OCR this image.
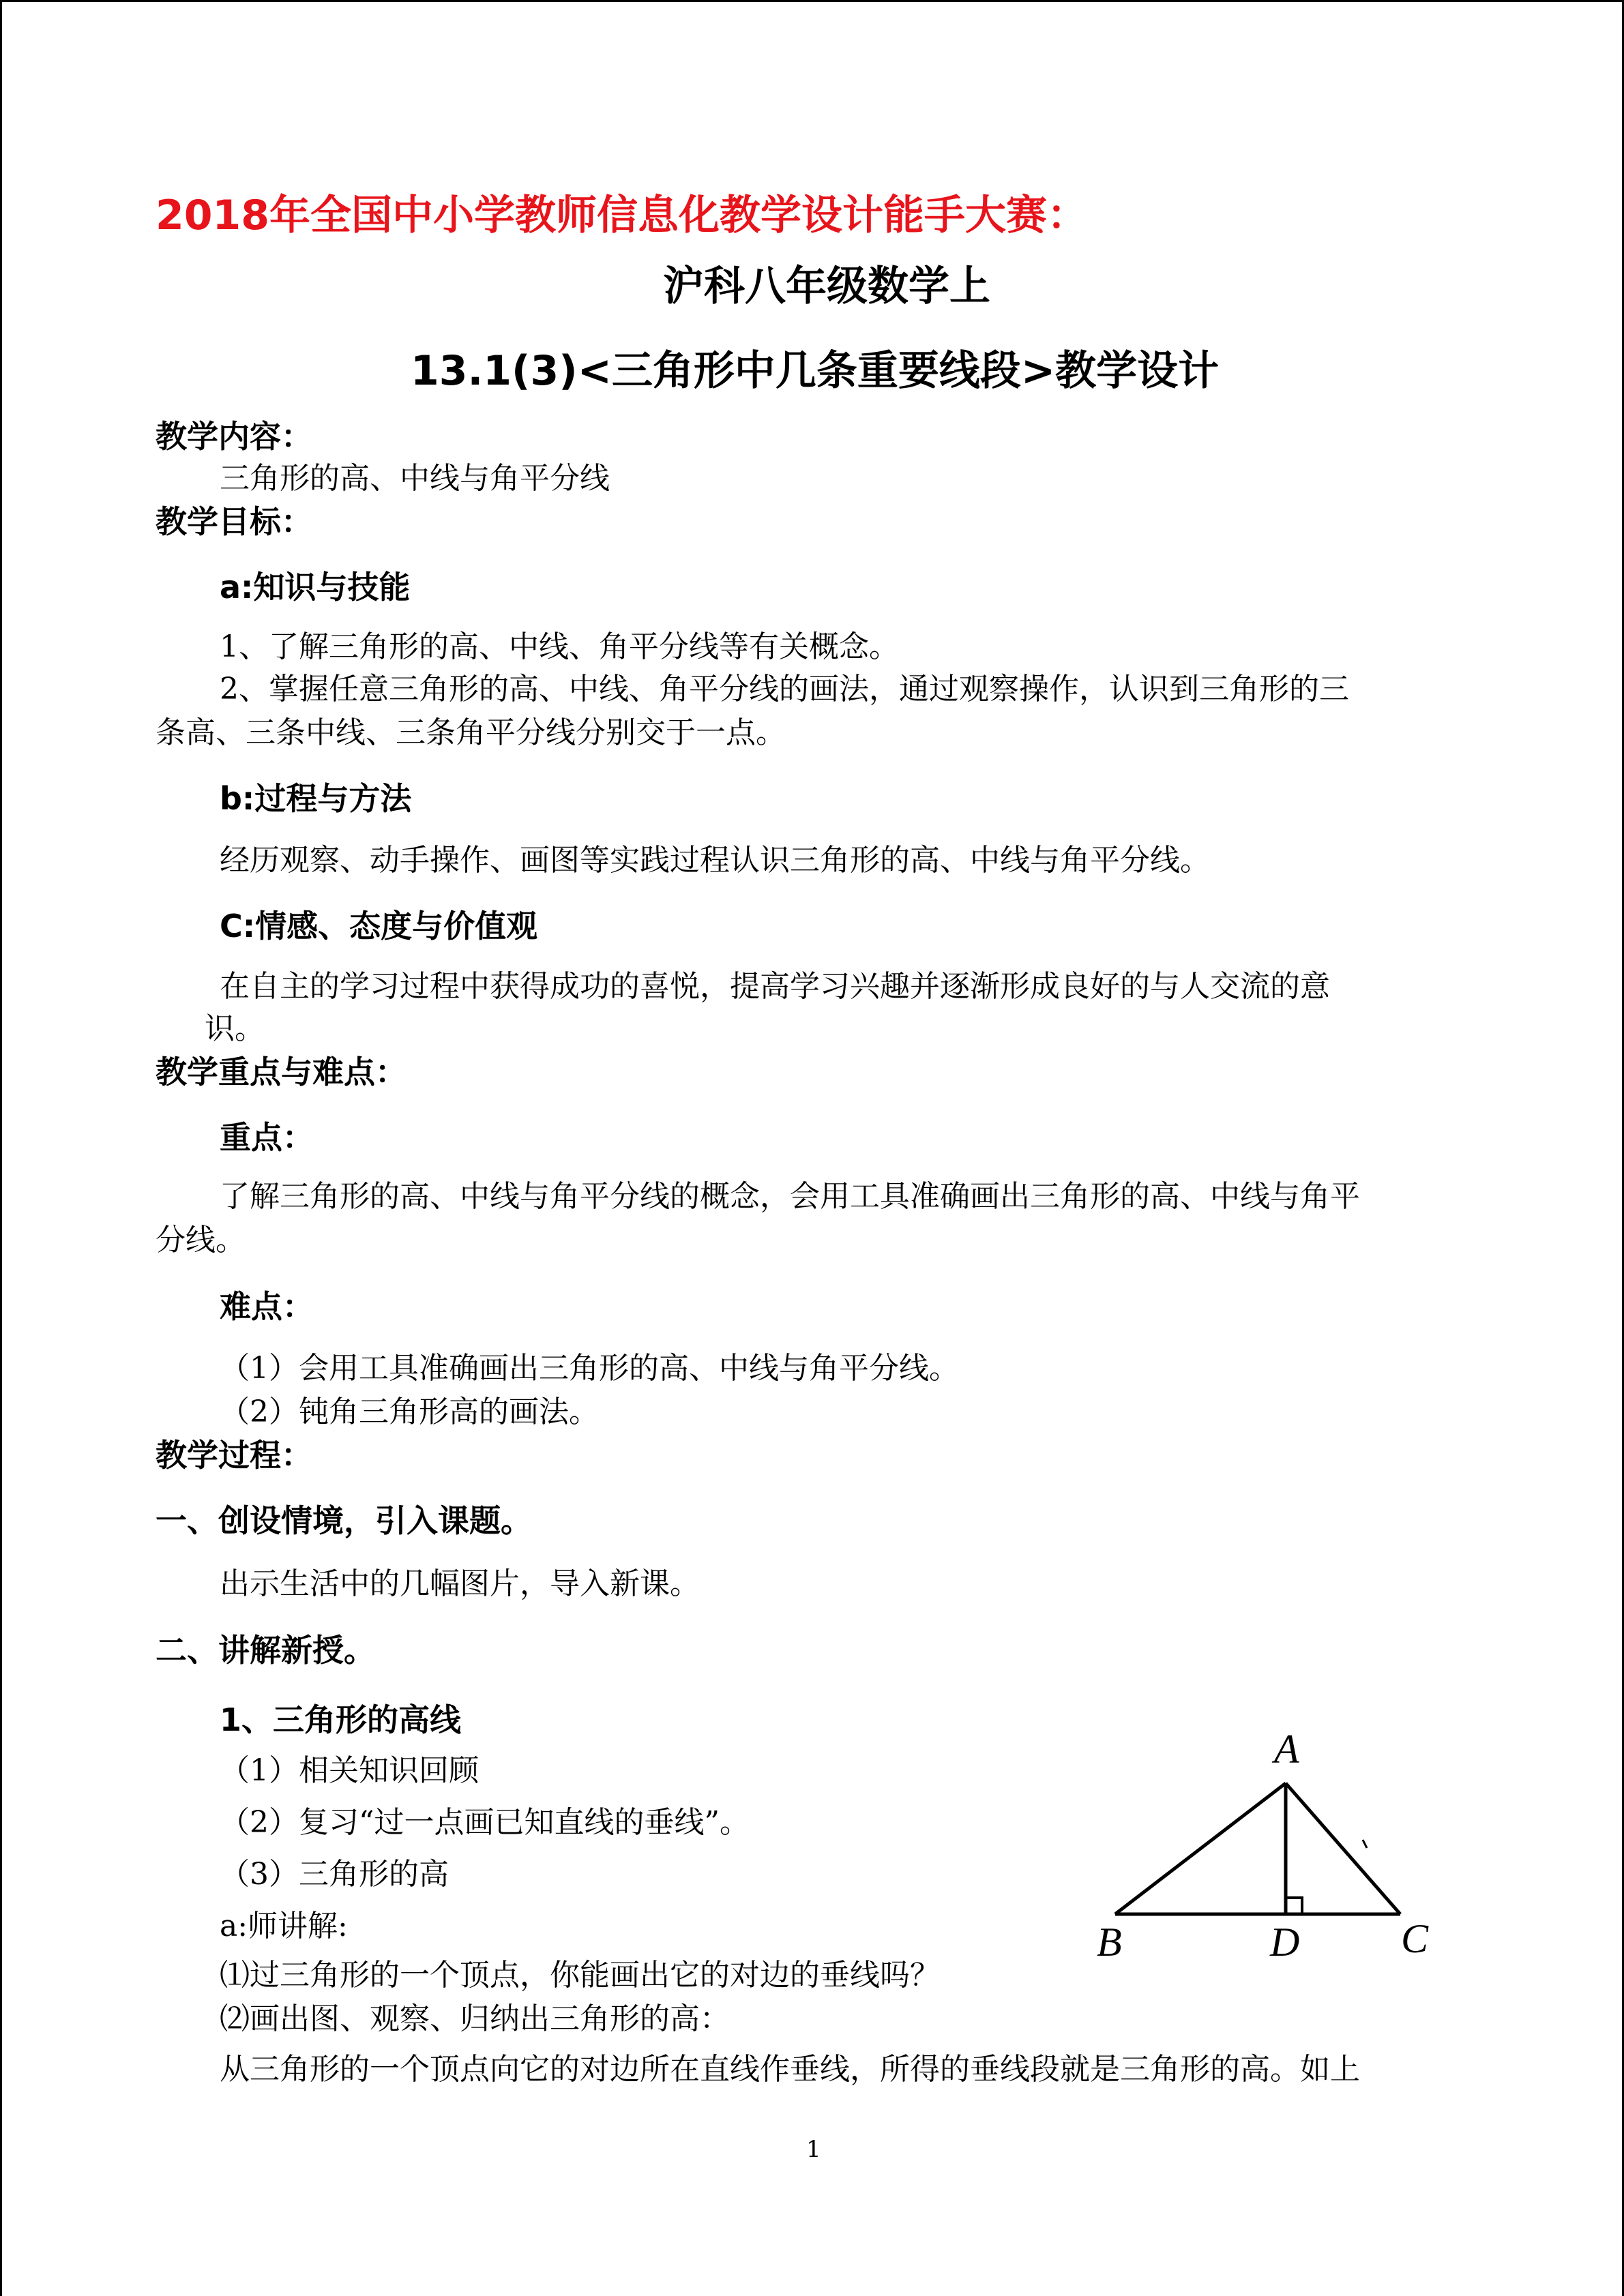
2018年全国中小学教师信息化教学设计能手大赛：
沪科八年级数学上
13.1(3)<三角形中几条重要线段>教学设计
教学内容：
三角形的高、中线与角平分线
教学目标：
a:知识与技能
1、了解三角形的高、中线、角平分线等有关概念。
2、掌握任意三角形的高、中线、角平分线的画法，通过观察操作，认识到三角形的三
条高、三条中线、三条角平分线分别交于一点。
b:过程与方法
经历观察、动手操作、画图等实践过程认识三角形的高、中线与角平分线。
C:情感、态度与价值观
在自主的学习过程中获得成功的喜悦，提高学习兴趣并逐渐形成良好的与人交流的意
识。
教学重点与难点：
重点：
了解三角形的高、中线与角平分线的概念，会用工具准确画出三角形的高、中线与角平
分线。
难点：
（1）会用工具准确画出三角形的高、中线与角平分线。
（2）钝角三角形高的画法。
教学过程：
一、创设情境，引入课题。
出示生活中的几幅图片，导入新课。
二、讲解新授。
1、三角形的高线
（1）相关知识回顾
（2）复习“过一点画已知直线的垂线”。
（3）三角形的高
a:师讲解:
⑴过三角形的一个顶点，你能画出它的对边的垂线吗？
⑵画出图、观察、归纳出三角形的高：
从三角形的一个顶点向它的对边所在直线作垂线，所得的垂线段就是三角形的高。如上
A
B	D C
1
